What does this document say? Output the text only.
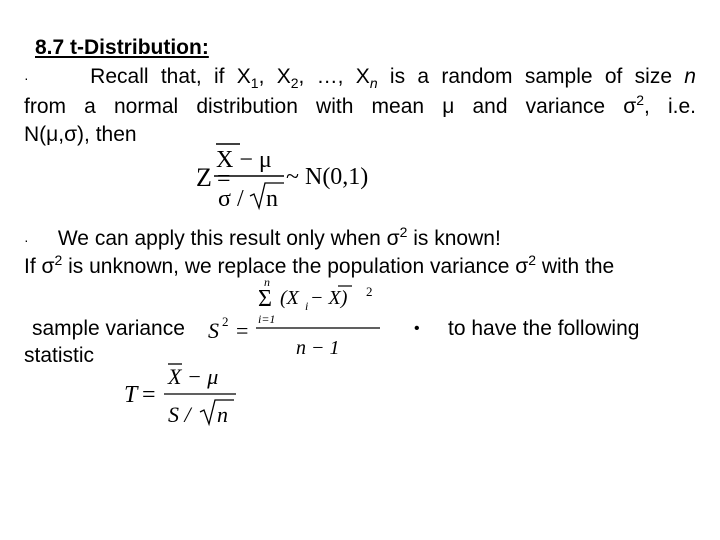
8.7 t-Distribution:
·	Recall that, if $X_1$, $X_2$, …, $X_n$ is a random sample of size n
from a normal distribution with mean μ and variance $\sigma^2$, i.e.
N(μ,σ), then
Z =
X − μ
σ / n
~ N(0,1)
· We can apply this result only when $\sigma^2$ is known!
If $\sigma^2$ is unknown, we replace the population variance $\sigma^2$ with the
S 2 =
n
Σ
i=1
(X i − X) 2
n − 1
sample variance	• to have the following
statistic
T =
X − μ
S / n
